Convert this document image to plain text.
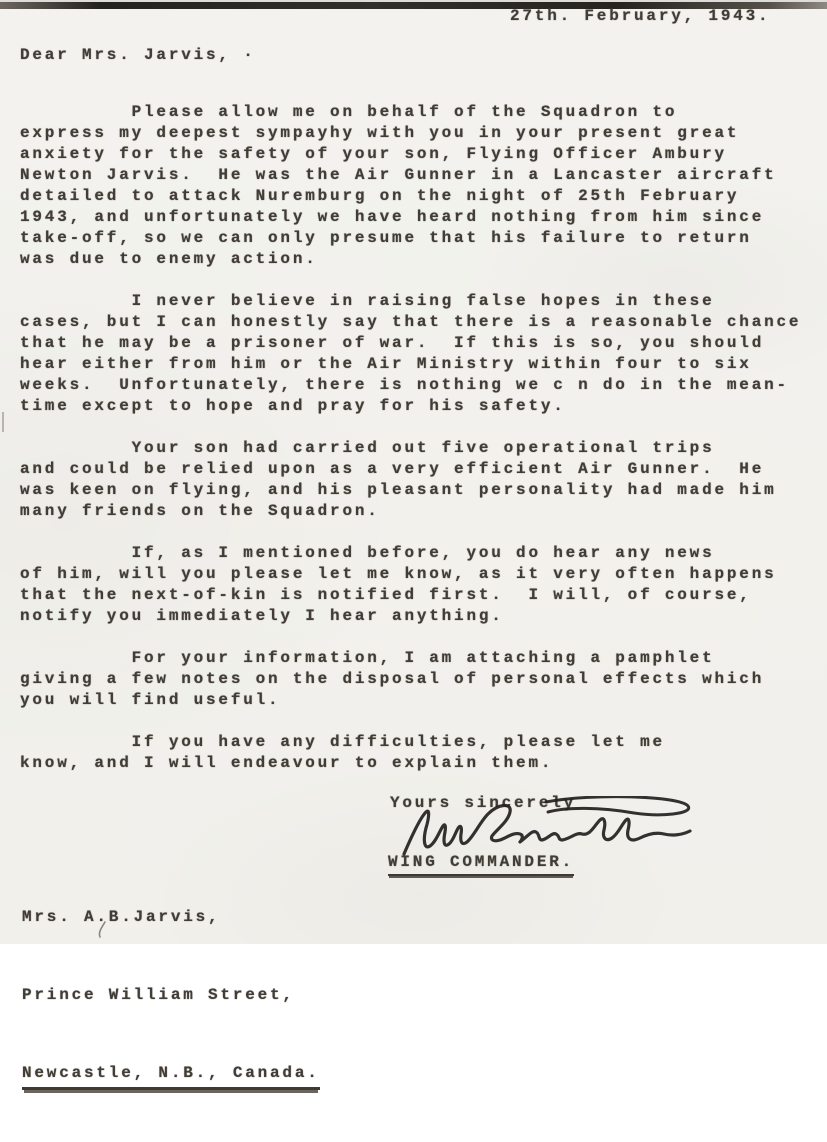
27th. February, 1943.
Dear Mrs. Jarvis, ·

Please allow me on behalf of the Squadron to
express my deepest sympayhy with you in your present great
anxiety for the safety of your son, Flying Officer Ambury
Newton Jarvis.  He was the Air Gunner in a Lancaster aircraft
detailed to attack Nuremburg on the night of 25th February
1943, and unfortunately we have heard nothing from him since
take-off, so we can only presume that his failure to return
was due to enemy action.

I never believe in raising false hopes in these
cases, but I can honestly say that there is a reasonable chance
that he may be a prisoner of war.  If this is so, you should
hear either from him or the Air Ministry within four to six
weeks.  Unfortunately, there is nothing we c n do in the mean-
time except to hope and pray for his safety.

Your son had carried out five operational trips
and could be relied upon as a very efficient Air Gunner.  He
was keen on flying, and his pleasant personality had made him
many friends on the Squadron.

If, as I mentioned before, you do hear any news
of him, will you please let me know, as it very often happens
that the next-of-kin is notified first.  I will, of course,
notify you immediately I hear anything.

For your information, I am attaching a pamphlet
giving a few notes on the disposal of personal effects which
you will find useful.

If you have any difficulties, please let me
know, and I will endeavour to explain them.

Yours sincerely
WING COMMANDER.

Mrs. A.B.Jarvis,

Prince William Street,

Newcastle, N.B., Canada.
